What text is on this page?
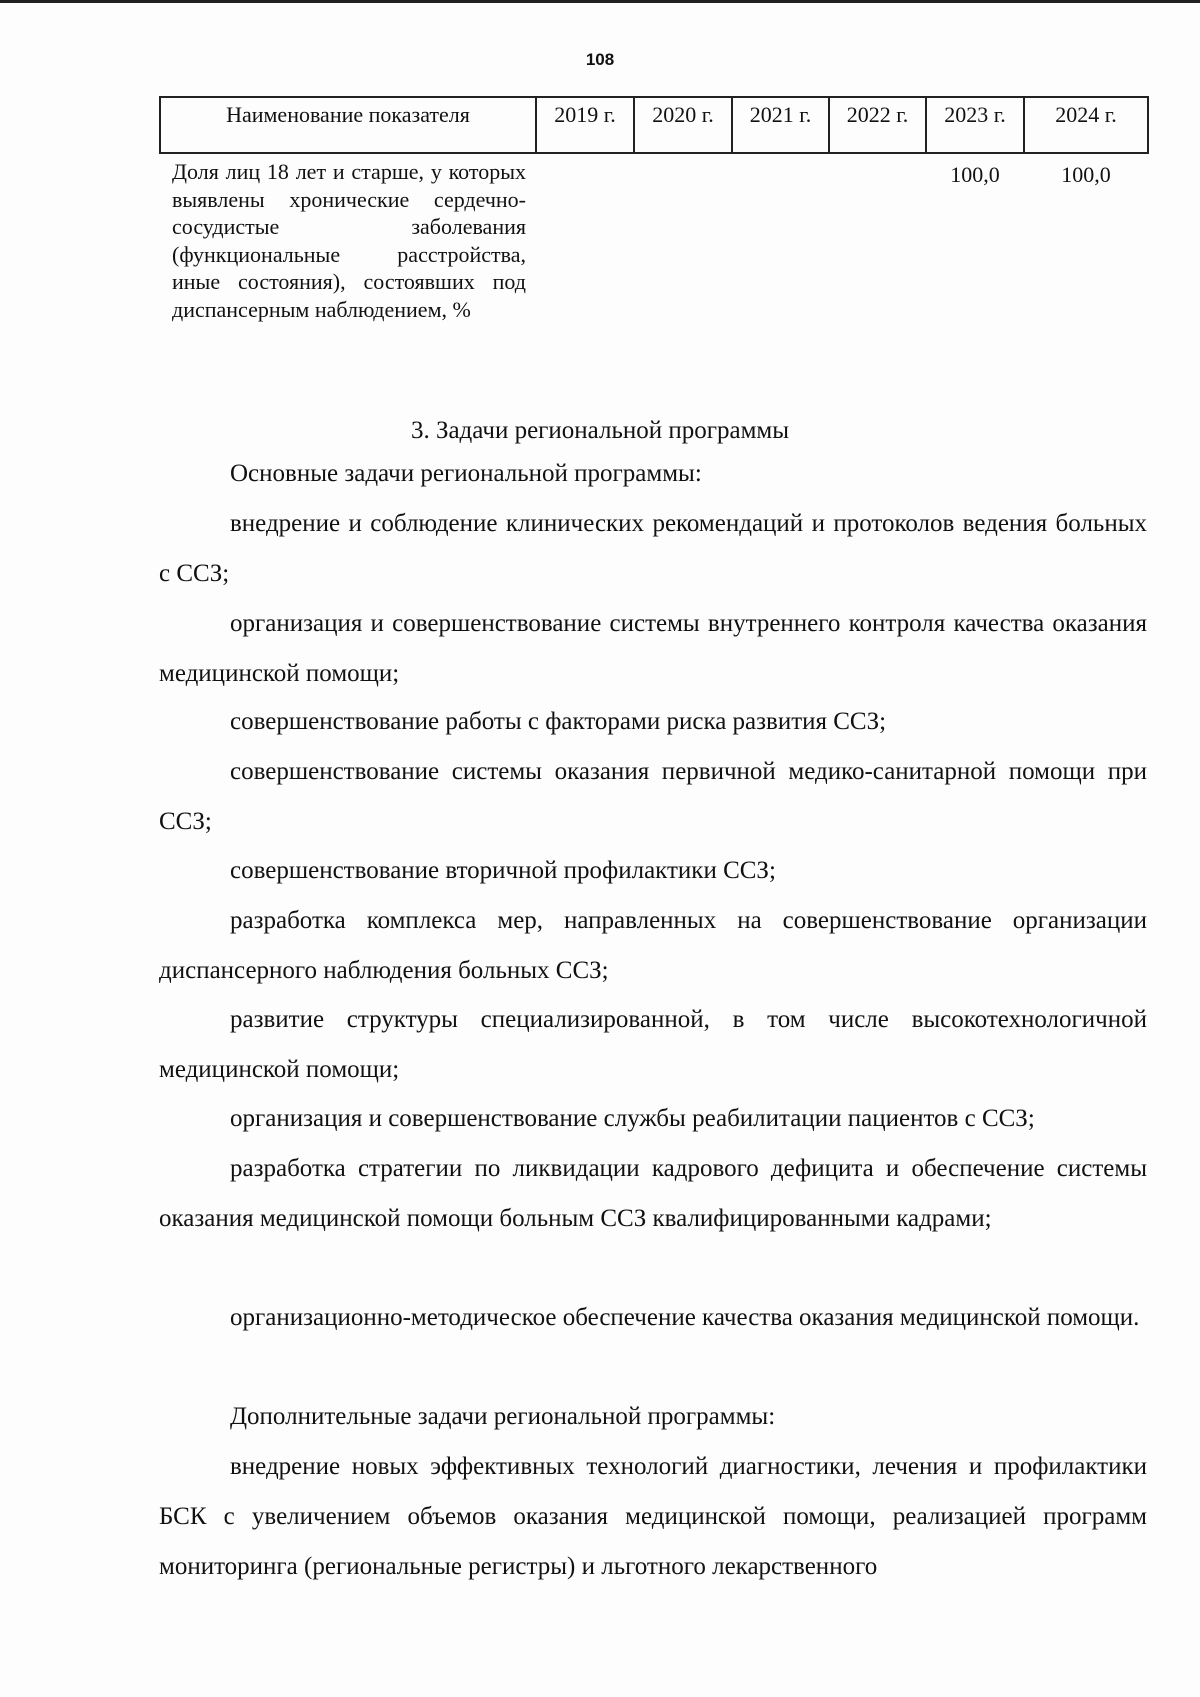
108
Наименование показателя	2019 г.	2020 г.	2021 г.	2022 г.	2023 г.	2024 г.
Доля лиц 18 лет и старше, у которых выявлены хронические сердечно-сосудистые заболевания (функциональные расстройства, иные состояния), состоявших под диспансерным наблюдением, %					100,0	100,0
3. Задачи региональной программы

Основные задачи региональной программы:

внедрение и соблюдение клинических рекомендаций и протоколов ведения больных с ССЗ;

организация и совершенствование системы внутреннего контроля качества оказания медицинской помощи;

совершенствование работы с факторами риска развития ССЗ;

совершенствование системы оказания первичной медико-санитарной помощи при ССЗ;

совершенствование вторичной профилактики ССЗ;

разработка комплекса мер, направленных на совершенствование организации диспансерного наблюдения больных ССЗ;

развитие структуры специализированной, в том числе высокотехнологичной медицинской помощи;

организация и совершенствование службы реабилитации пациентов с ССЗ;

разработка стратегии по ликвидации кадрового дефицита и обеспечение системы оказания медицинской помощи больным ССЗ квалифицированными кадрами;

организационно-методическое обеспечение качества оказания медицинской помощи.

Дополнительные задачи региональной программы:

внедрение новых эффективных технологий диагностики, лечения и профилактики БСК с увеличением объемов оказания медицинской помощи, реализацией программ мониторинга (региональные регистры) и льготного лекарственного
